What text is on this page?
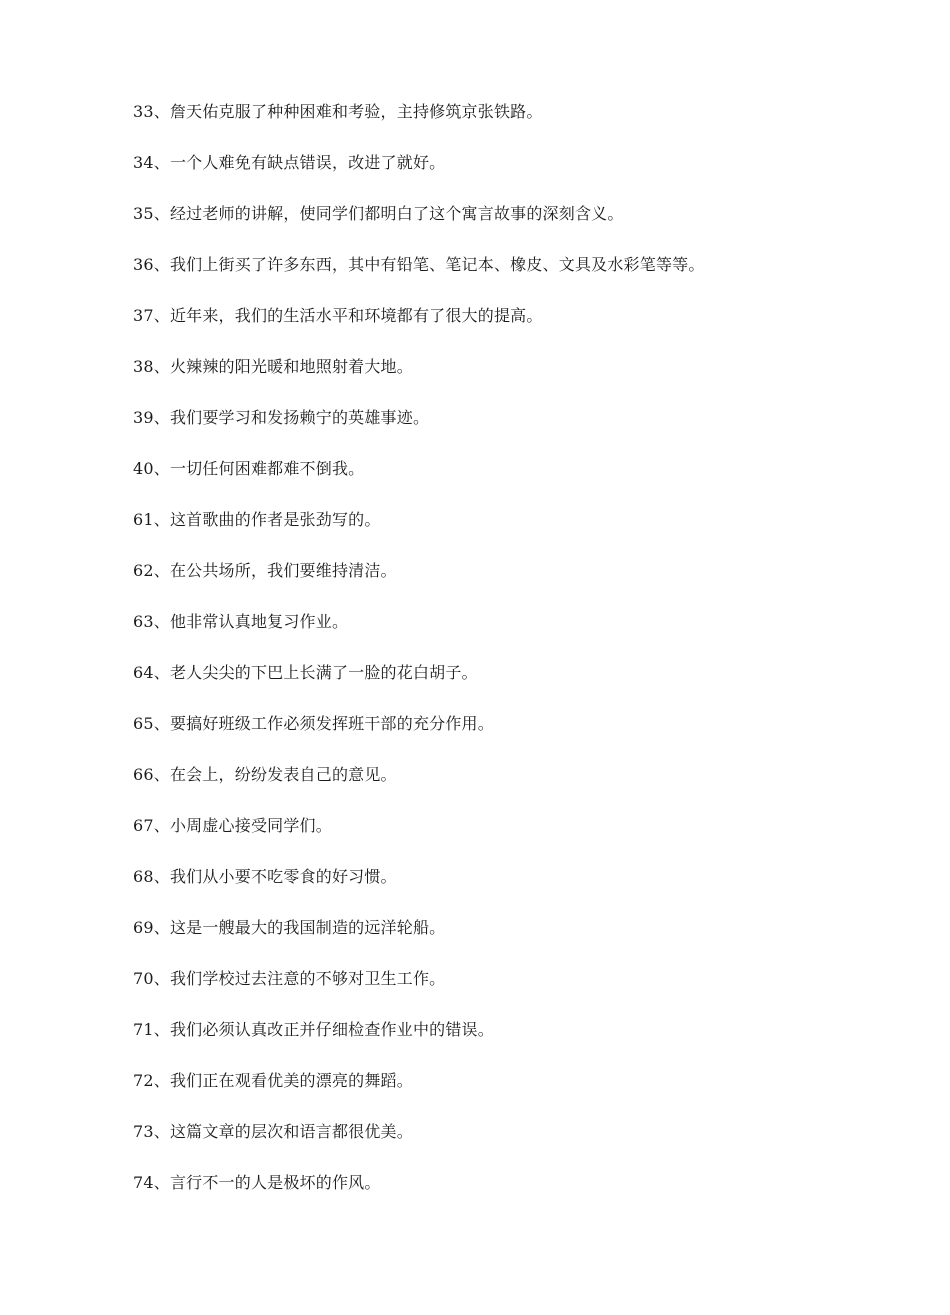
33、詹天佑克服了种种困难和考验，主持修筑京张铁路。
34、一个人难免有缺点错误，改进了就好。
35、经过老师的讲解，使同学们都明白了这个寓言故事的深刻含义。
36、我们上街买了许多东西，其中有铅笔、笔记本、橡皮、文具及水彩笔等等。
37、近年来，我们的生活水平和环境都有了很大的提高。
38、火辣辣的阳光暖和地照射着大地。
39、我们要学习和发扬赖宁的英雄事迹。
40、一切任何困难都难不倒我。
61、这首歌曲的作者是张劲写的。
62、在公共场所，我们要维持清洁。
63、他非常认真地复习作业。
64、老人尖尖的下巴上长满了一脸的花白胡子。
65、要搞好班级工作必须发挥班干部的充分作用。
66、在会上，纷纷发表自己的意见。
67、小周虚心接受同学们。
68、我们从小要不吃零食的好习惯。
69、这是一艘最大的我国制造的远洋轮船。
70、我们学校过去注意的不够对卫生工作。
71、我们必须认真改正并仔细检查作业中的错误。
72、我们正在观看优美的漂亮的舞蹈。
73、这篇文章的层次和语言都很优美。
74、言行不一的人是极坏的作风。
